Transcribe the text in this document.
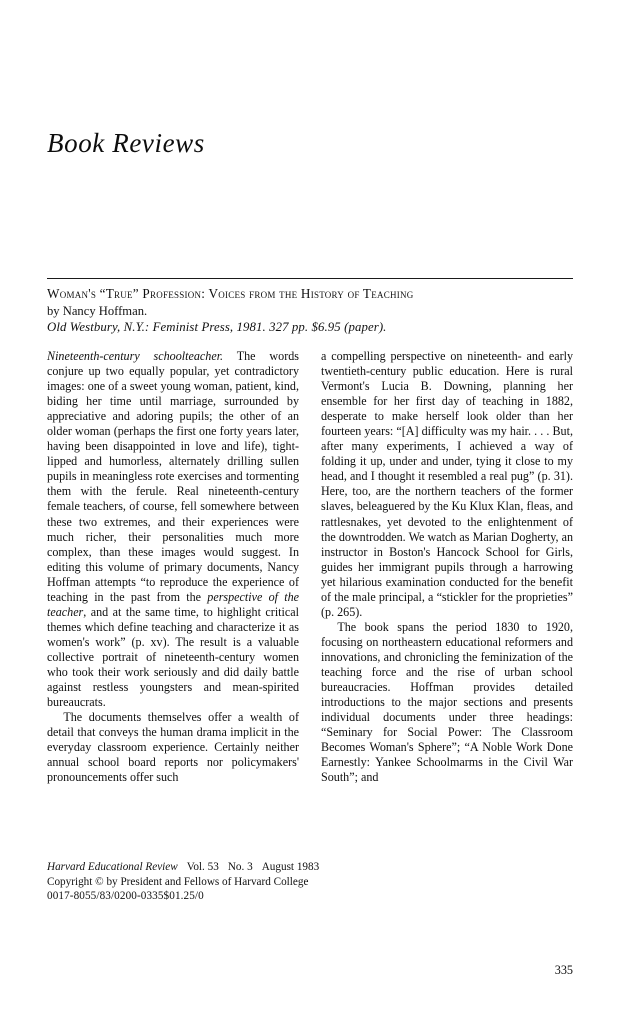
Book Reviews
Woman's “True” Profession: Voices from the History of Teaching
by Nancy Hoffman.
Old Westbury, N.Y.: Feminist Press, 1981. 327 pp. $6.95 (paper).

Nineteenth-century schoolteacher. The words conjure up two equally popular, yet contradictory images: one of a sweet young woman, patient, kind, biding her time until marriage, surrounded by appreciative and adoring pupils; the other of an older woman (perhaps the first one forty years later, having been disappointed in love and life), tight-lipped and humorless, alternately drilling sullen pupils in meaningless rote exercises and tormenting them with the ferule. Real nineteenth-century female teachers, of course, fell somewhere between these two extremes, and their experiences were much richer, their personalities much more complex, than these images would suggest. In editing this volume of primary documents, Nancy Hoffman attempts “to reproduce the experience of teaching in the past from the perspective of the teacher, and at the same time, to highlight critical themes which define teaching and characterize it as women's work” (p. xv). The result is a valuable collective portrait of nineteenth-century women who took their work seriously and did daily battle against restless youngsters and mean-spirited bureaucrats.

The documents themselves offer a wealth of detail that conveys the human drama implicit in the everyday classroom experience. Certainly neither annual school board reports nor policymakers' pronouncements offer such

a compelling perspective on nineteenth- and early twentieth-century public education. Here is rural Vermont's Lucia B. Downing, planning her ensemble for her first day of teaching in 1882, desperate to make herself look older than her fourteen years: “[A] difficulty was my hair. . . . But, after many experiments, I achieved a way of folding it up, under and under, tying it close to my head, and I thought it resembled a real pug” (p. 31). Here, too, are the northern teachers of the former slaves, beleaguered by the Ku Klux Klan, fleas, and rattlesnakes, yet devoted to the enlightenment of the downtrodden. We watch as Marian Dogherty, an instructor in Boston's Hancock School for Girls, guides her immigrant pupils through a harrowing yet hilarious examination conducted for the benefit of the male principal, a “stickler for the proprieties” (p. 265).

The book spans the period 1830 to 1920, focusing on northeastern educational reformers and innovations, and chronicling the feminization of the teaching force and the rise of urban school bureaucracies. Hoffman provides detailed introductions to the major sections and presents individual documents under three headings: “Seminary for Social Power: The Classroom Becomes Woman's Sphere”; “A Noble Work Done Earnestly: Yankee Schoolmarms in the Civil War South”; and

Harvard Educational Review Vol. 53 No. 3 August 1983
Copyright © by President and Fellows of Harvard College
0017-8055/83/0200-0335$01.25/0
335
